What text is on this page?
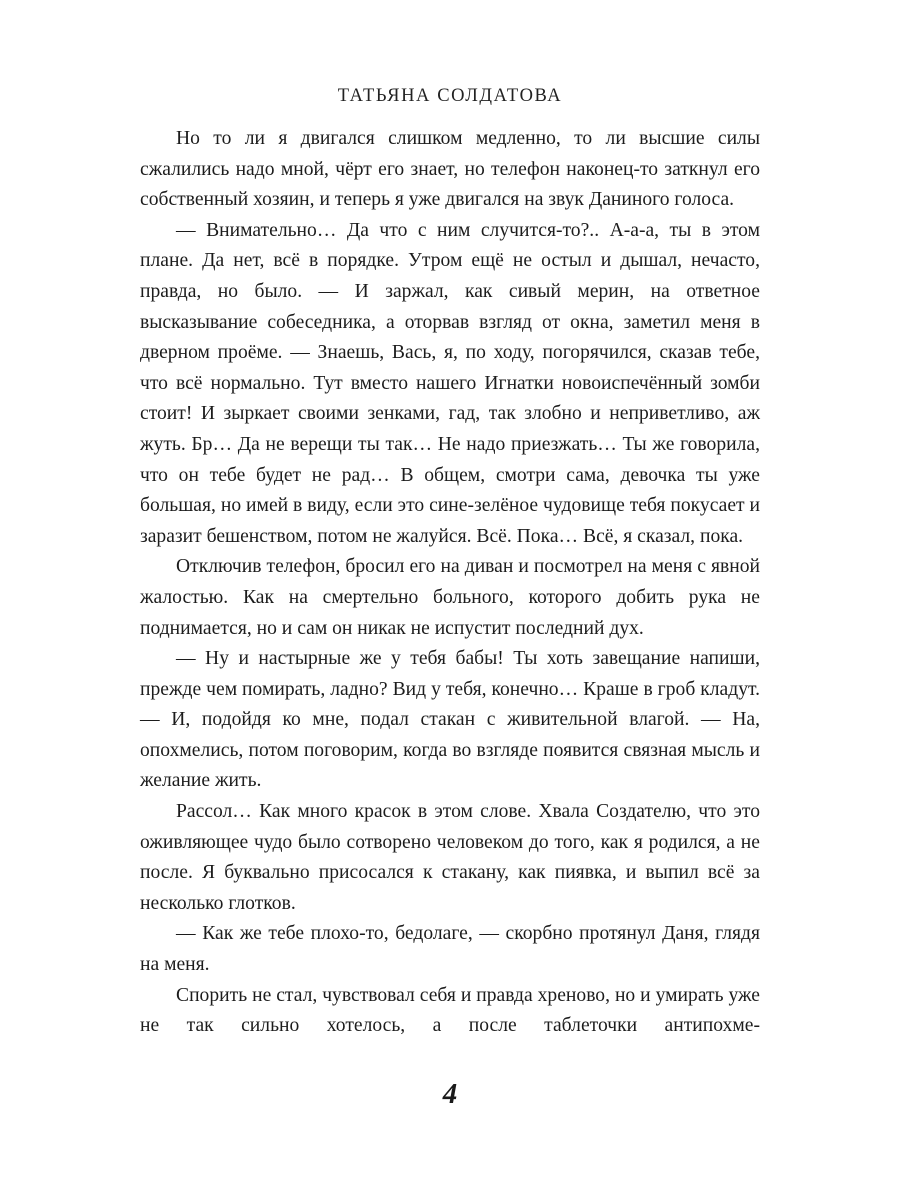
ТАТЬЯНА СОЛДАТОВА

Но то ли я двигался слишком медленно, то ли высшие силы сжалились надо мной, чёрт его знает, но телефон наконец-то заткнул его собственный хозяин, и теперь я уже двигался на звук Даниного голоса.

— Внимательно… Да что с ним случится-то?.. А-а-а, ты в этом плане. Да нет, всё в порядке. Утром ещё не остыл и дышал, нечасто, правда, но было. — И заржал, как сивый мерин, на ответное высказывание собеседника, а оторвав взгляд от окна, заметил меня в дверном проёме. — Знаешь, Вась, я, по ходу, погорячился, сказав тебе, что всё нормально. Тут вместо нашего Игнатки новоиспечённый зомби стоит! И зыркает своими зенками, гад, так злобно и неприветливо, аж жуть. Бр… Да не верещи ты так… Не надо приезжать… Ты же говорила, что он тебе будет не рад… В общем, смотри сама, девочка ты уже большая, но имей в виду, если это сине-зелёное чудовище тебя покусает и заразит бешенством, потом не жалуйся. Всё. Пока… Всё, я сказал, пока.

Отключив телефон, бросил его на диван и посмотрел на меня с явной жалостью. Как на смертельно больного, которого добить рука не поднимается, но и сам он никак не испустит последний дух.

— Ну и настырные же у тебя бабы! Ты хоть завещание напиши, прежде чем помирать, ладно? Вид у тебя, конечно… Краше в гроб кладут. — И, подойдя ко мне, подал стакан с живительной влагой. — На, опохмелись, потом поговорим, когда во взгляде появится связная мысль и желание жить.

Рассол… Как много красок в этом слове. Хвала Создателю, что это оживляющее чудо было сотворено человеком до того, как я родился, а не после. Я буквально присосался к стакану, как пиявка, и выпил всё за несколько глотков.

— Как же тебе плохо-то, бедолаге, — скорбно протянул Даня, глядя на меня.

Спорить не стал, чувствовал себя и правда хреново, но и умирать уже не так сильно хотелось, а после таблеточки антипохме-

4
